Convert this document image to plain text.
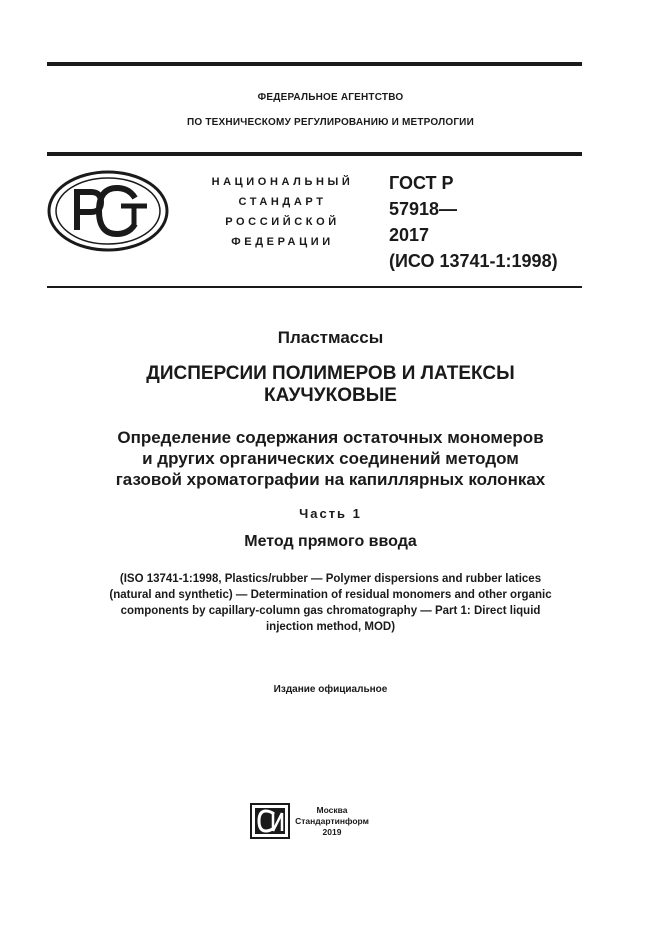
ФЕДЕРАЛЬНОЕ АГЕНТСТВО
ПО ТЕХНИЧЕСКОМУ РЕГУЛИРОВАНИЮ И МЕТРОЛОГИИ
НАЦИОНАЛЬНЫЙ
СТАНДАРТ
РОССИЙСКОЙ
ФЕДЕРАЦИИ
ГОСТ Р
57918—
2017
(ИСО 13741-1:1998)
Пластмассы
ДИСПЕРСИИ ПОЛИМЕРОВ И ЛАТЕКСЫ
КАУЧУКОВЫЕ
Определение содержания остаточных мономеров
и других органических соединений методом
газовой хроматографии на капиллярных колонках
Часть 1
Метод прямого ввода
(ISO 13741-1:1998, Plastics/rubber — Polymer dispersions and rubber latices
(natural and synthetic) — Determination of residual monomers and other organic
components by capillary-column gas chromatography — Part 1: Direct liquid
injection method, MOD)
Издание официальное
Москва
Стандартинформ
2019
